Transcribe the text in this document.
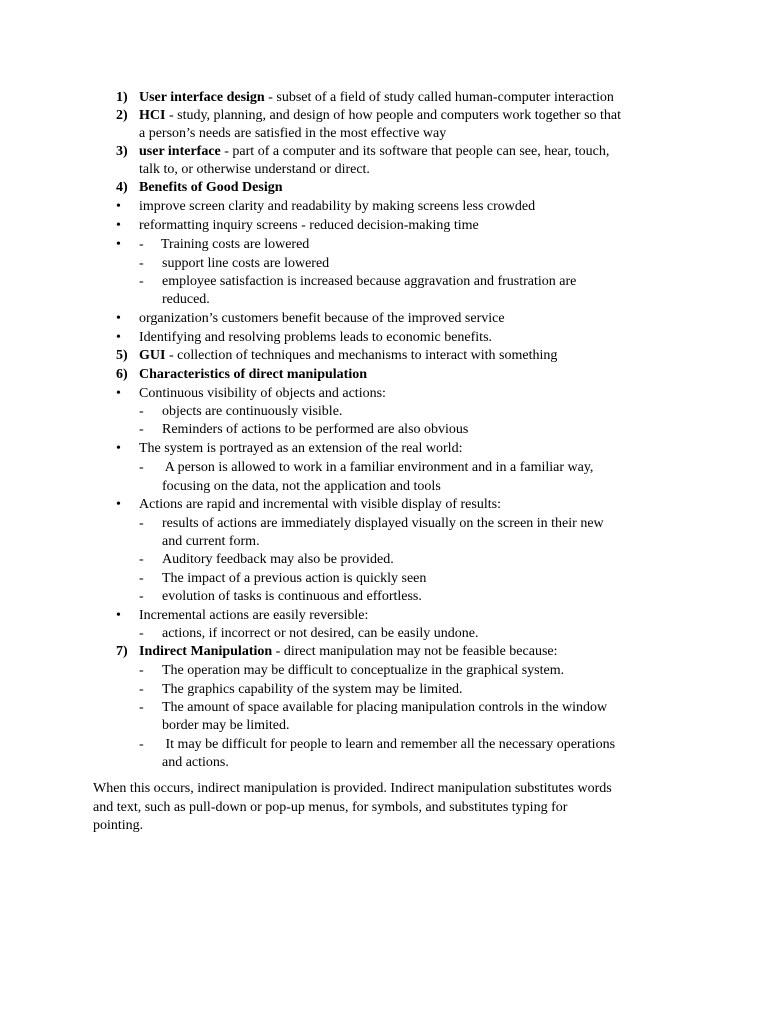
1) User interface design - subset of a field of study called human-computer interaction
2) HCI - study, planning, and design of how people and computers work together so that
a person’s needs are satisfied in the most effective way
3) user interface - part of a computer and its software that people can see, hear, touch,
talk to, or otherwise understand or direct.
4) Benefits of Good Design
• improve screen clarity and readability by making screens less crowded
• reformatting inquiry screens - reduced decision-making time
• -     Training costs are lowered
- support line costs are lowered
- employee satisfaction is increased because aggravation and frustration are
reduced.
• organization’s customers benefit because of the improved service
• Identifying and resolving problems leads to economic benefits.
5) GUI - collection of techniques and mechanisms to interact with something
6) Characteristics of direct manipulation
• Continuous visibility of objects and actions:
- objects are continuously visible.
- Reminders of actions to be performed are also obvious
• The system is portrayed as an extension of the real world:
- A person is allowed to work in a familiar environment and in a familiar way,
focusing on the data, not the application and tools
• Actions are rapid and incremental with visible display of results:
- results of actions are immediately displayed visually on the screen in their new
and current form.
- Auditory feedback may also be provided.
- The impact of a previous action is quickly seen
- evolution of tasks is continuous and effortless.
• Incremental actions are easily reversible:
- actions, if incorrect or not desired, can be easily undone.
7) Indirect Manipulation - direct manipulation may not be feasible because:
- The operation may be difficult to conceptualize in the graphical system.
- The graphics capability of the system may be limited.
- The amount of space available for placing manipulation controls in the window
border may be limited.
- It may be difficult for people to learn and remember all the necessary operations
and actions.
When this occurs, indirect manipulation is provided. Indirect manipulation substitutes words
and text, such as pull-down or pop-up menus, for symbols, and substitutes typing for
pointing.
